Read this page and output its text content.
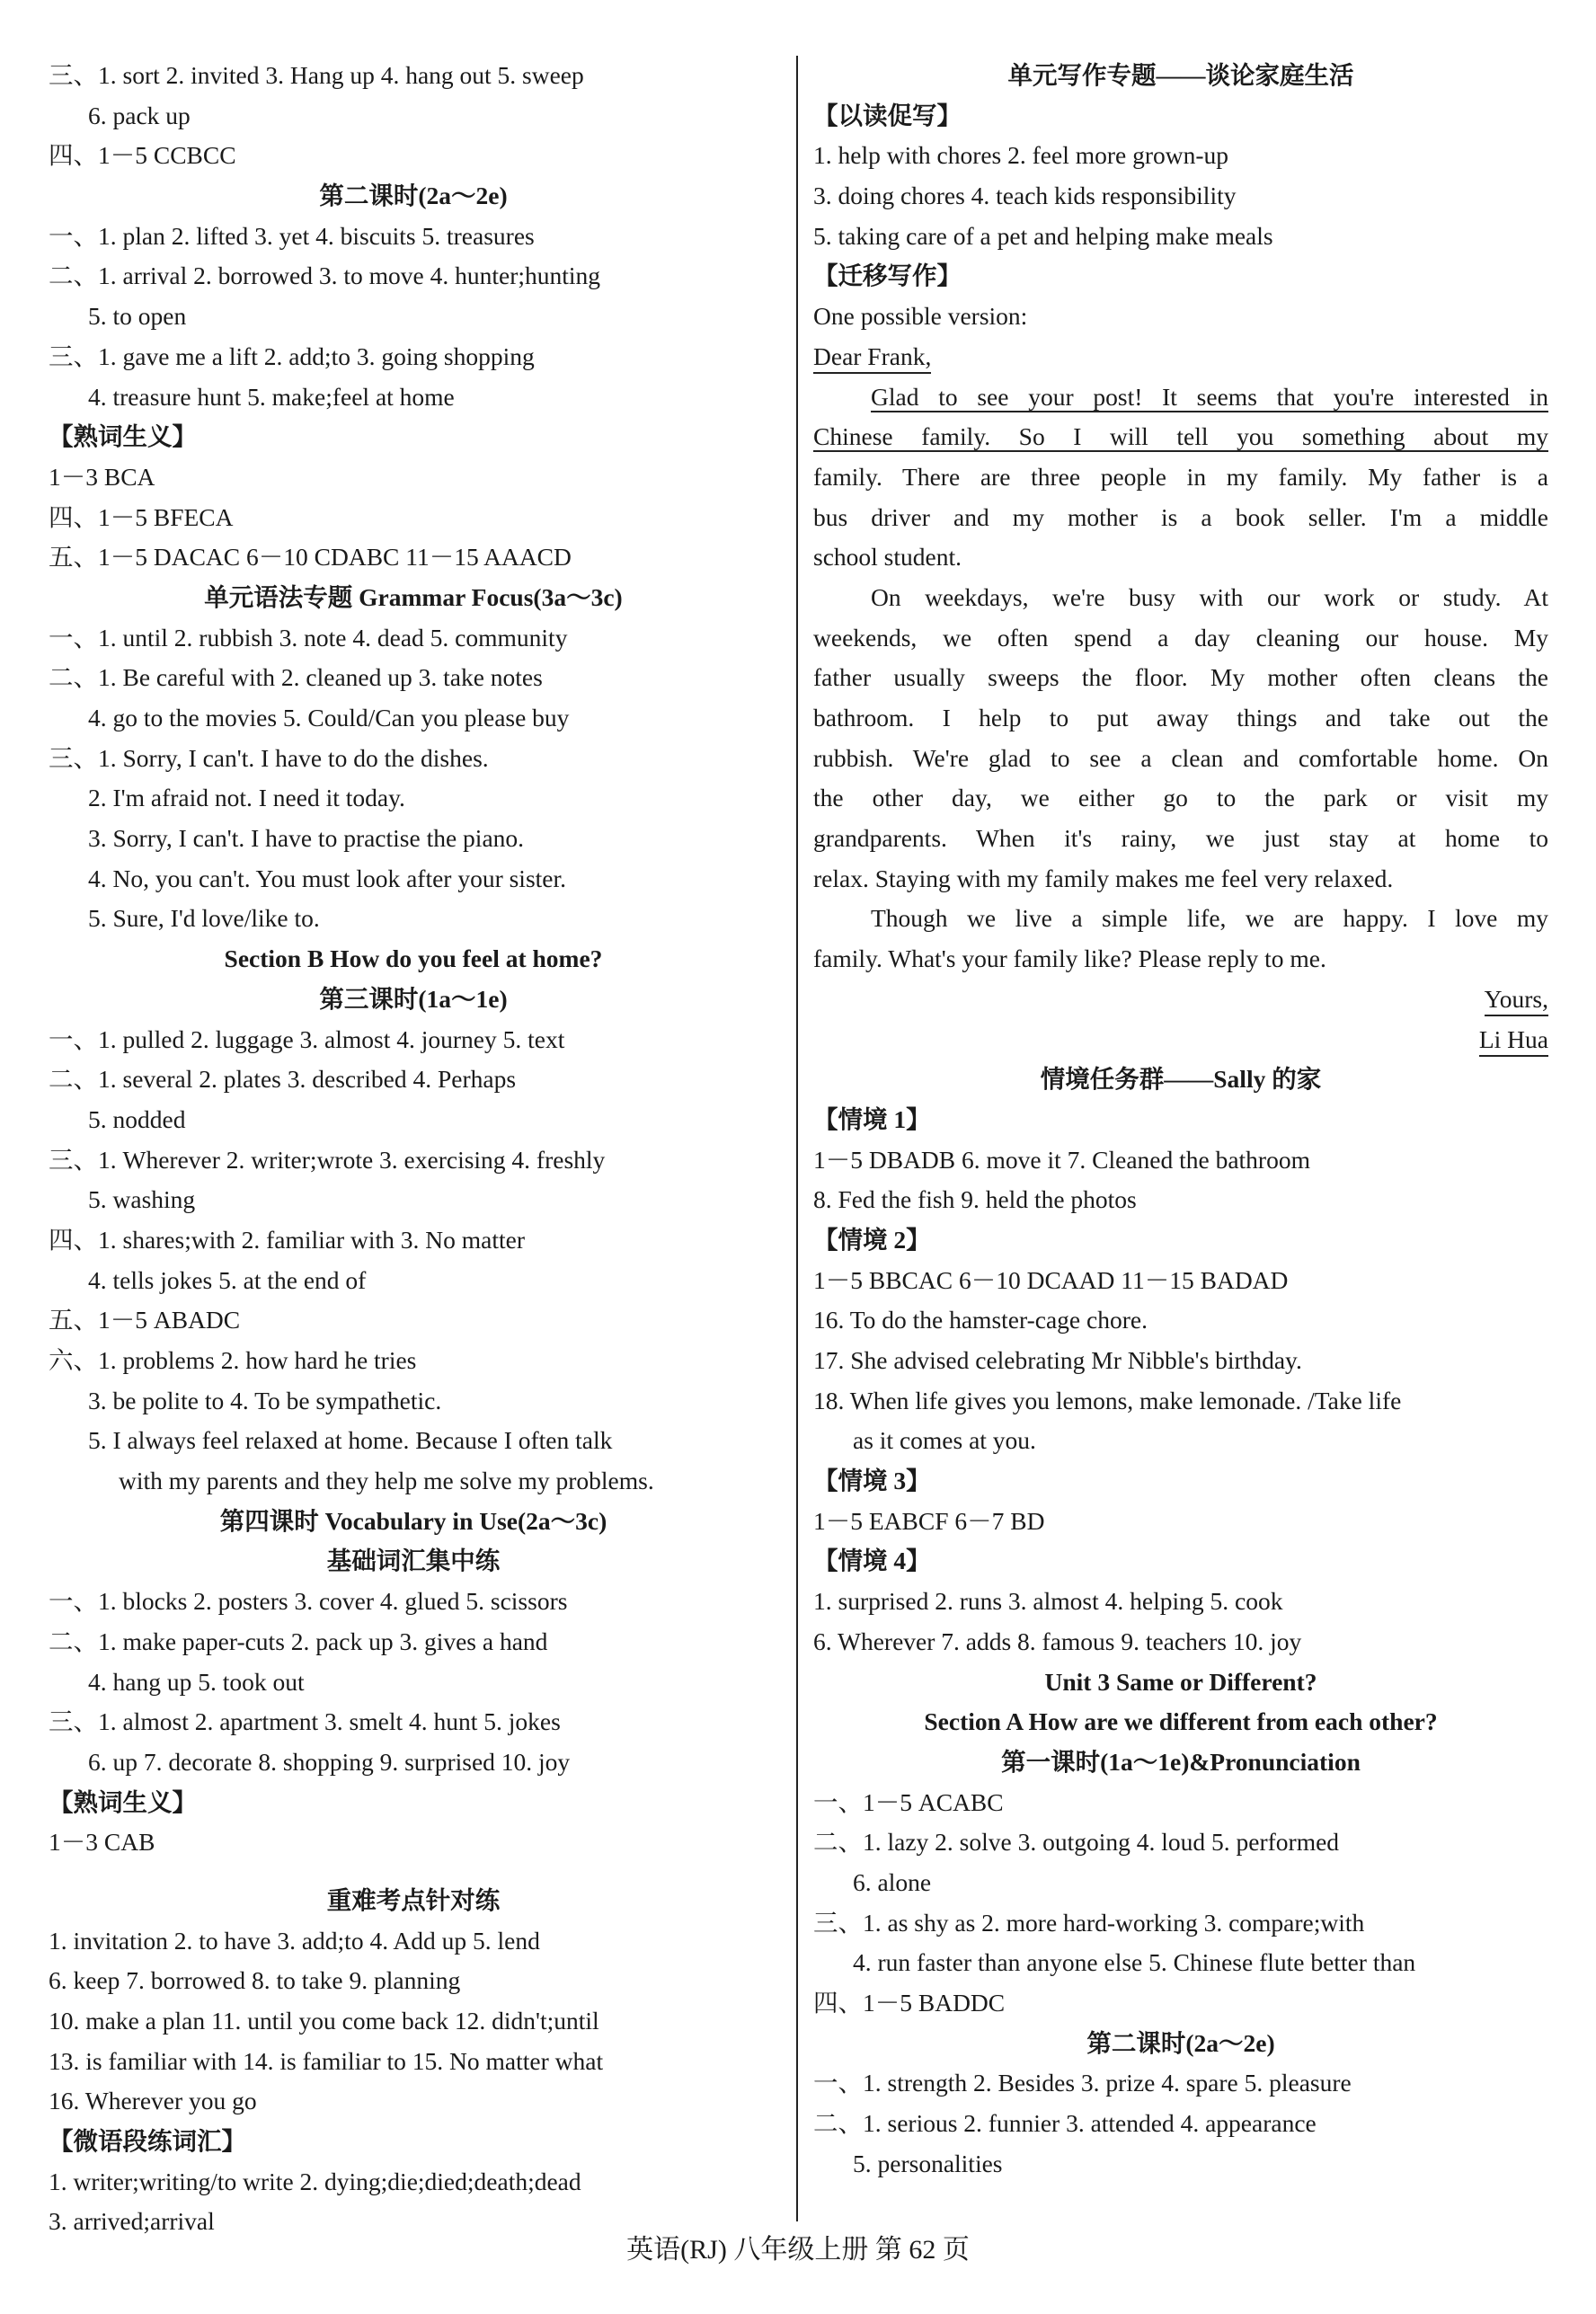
三、1. sort 2. invited 3. Hang up 4. hang out 5. sweep
6. pack up
四、1－5 CCBCC
第二课时(2a～2e)
一、1. plan 2. lifted 3. yet 4. biscuits 5. treasures
二、1. arrival 2. borrowed 3. to move 4. hunter;hunting
5. to open
三、1. gave me a lift 2. add;to 3. going shopping
4. treasure hunt 5. make;feel at home
【熟词生义】
1－3 BCA
四、1－5 BFECA
五、1－5 DACAC 6－10 CDABC 11－15 AAACD
单元语法专题 Grammar Focus(3a～3c)
一、1. until 2. rubbish 3. note 4. dead 5. community
二、1. Be careful with 2. cleaned up 3. take notes
4. go to the movies 5. Could/Can you please buy
三、1. Sorry, I can't. I have to do the dishes.
2. I'm afraid not. I need it today.
3. Sorry, I can't. I have to practise the piano.
4. No, you can't. You must look after your sister.
5. Sure, I'd love/like to.
Section B How do you feel at home?
第三课时(1a～1e)
一、1. pulled 2. luggage 3. almost 4. journey 5. text
二、1. several 2. plates 3. described 4. Perhaps
5. nodded
三、1. Wherever 2. writer;wrote 3. exercising 4. freshly
5. washing
四、1. shares;with 2. familiar with 3. No matter
4. tells jokes 5. at the end of
五、1－5 ABADC
六、1. problems 2. how hard he tries
3. be polite to 4. To be sympathetic.
5. I always feel relaxed at home. Because I often talk
with my parents and they help me solve my problems.
第四课时 Vocabulary in Use(2a～3c)
基础词汇集中练
一、1. blocks 2. posters 3. cover 4. glued 5. scissors
二、1. make paper-cuts 2. pack up 3. gives a hand
4. hang up 5. took out
三、1. almost 2. apartment 3. smelt 4. hunt 5. jokes
6. up 7. decorate 8. shopping 9. surprised 10. joy
【熟词生义】
1－3 CAB
重难考点针对练
1. invitation 2. to have 3. add;to 4. Add up 5. lend
6. keep 7. borrowed 8. to take 9. planning
10. make a plan 11. until you come back 12. didn't;until
13. is familiar with 14. is familiar to 15. No matter what
16. Wherever you go
【微语段练词汇】
1. writer;writing/to write 2. dying;die;died;death;dead
3. arrived;arrival
单元写作专题——谈论家庭生活
【以读促写】
1. help with chores 2. feel more grown-up
3. doing chores 4. teach kids responsibility
5. taking care of a pet and helping make meals
【迁移写作】
One possible version:
Dear Frank,
Glad to see your post! It seems that you're interested in
Chinese family. So I will tell you something about my
family. There are three people in my family. My father is a
bus driver and my mother is a book seller. I'm a middle
school student.
On weekdays, we're busy with our work or study. At
weekends, we often spend a day cleaning our house. My
father usually sweeps the floor. My mother often cleans the
bathroom. I help to put away things and take out the
rubbish. We're glad to see a clean and comfortable home. On
the other day, we either go to the park or visit my
grandparents. When it's rainy, we just stay at home to
relax. Staying with my family makes me feel very relaxed.
Though we live a simple life, we are happy. I love my
family. What's your family like? Please reply to me.
Yours,
Li Hua
情境任务群——Sally 的家
【情境 1】
1－5 DBADB 6. move it 7. Cleaned the bathroom
8. Fed the fish 9. held the photos
【情境 2】
1－5 BBCAC 6－10 DCAAD 11－15 BADAD
16. To do the hamster-cage chore.
17. She advised celebrating Mr Nibble's birthday.
18. When life gives you lemons, make lemonade. /Take life
as it comes at you.
【情境 3】
1－5 EABCF 6－7 BD
【情境 4】
1. surprised 2. runs 3. almost 4. helping 5. cook
6. Wherever 7. adds 8. famous 9. teachers 10. joy
Unit 3 Same or Different?
Section A How are we different from each other?
第一课时(1a～1e)&Pronunciation
一、1－5 ACABC
二、1. lazy 2. solve 3. outgoing 4. loud 5. performed
6. alone
三、1. as shy as 2. more hard-working 3. compare;with
4. run faster than anyone else 5. Chinese flute better than
四、1－5 BADDC
第二课时(2a～2e)
一、1. strength 2. Besides 3. prize 4. spare 5. pleasure
二、1. serious 2. funnier 3. attended 4. appearance
5. personalities
英语(RJ) 八年级上册 第 62 页
